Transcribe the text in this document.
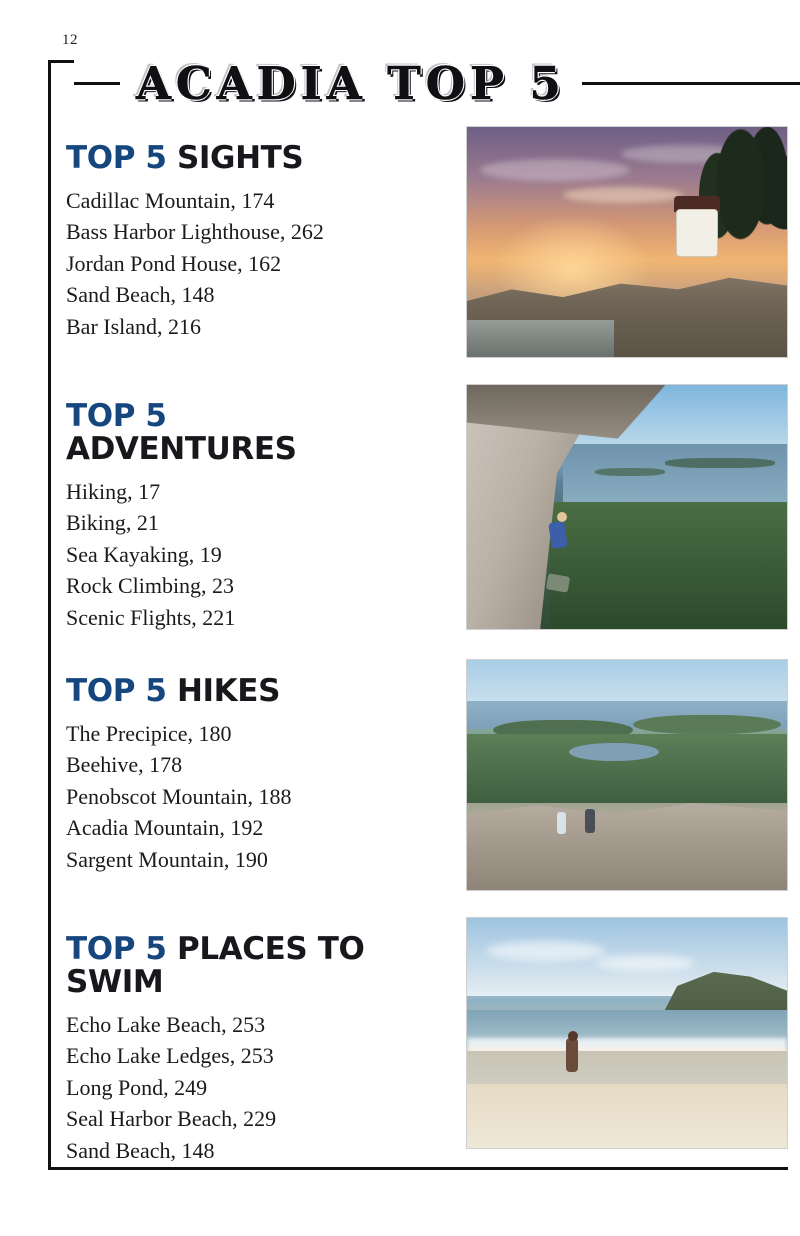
12
ACADIA TOP 5
TOP 5 SIGHTS
Cadillac Mountain, 174
Bass Harbor Lighthouse, 262
Jordan Pond House, 162
Sand Beach, 148
Bar Island, 216
TOP 5 ADVENTURES
Hiking, 17
Biking, 21
Sea Kayaking, 19
Rock Climbing, 23
Scenic Flights, 221
TOP 5 HIKES
The Precipice, 180
Beehive, 178
Penobscot Mountain, 188
Acadia Mountain, 192
Sargent Mountain, 190
TOP 5 PLACES TO SWIM
Echo Lake Beach, 253
Echo Lake Ledges, 253
Long Pond, 249
Seal Harbor Beach, 229
Sand Beach, 148
